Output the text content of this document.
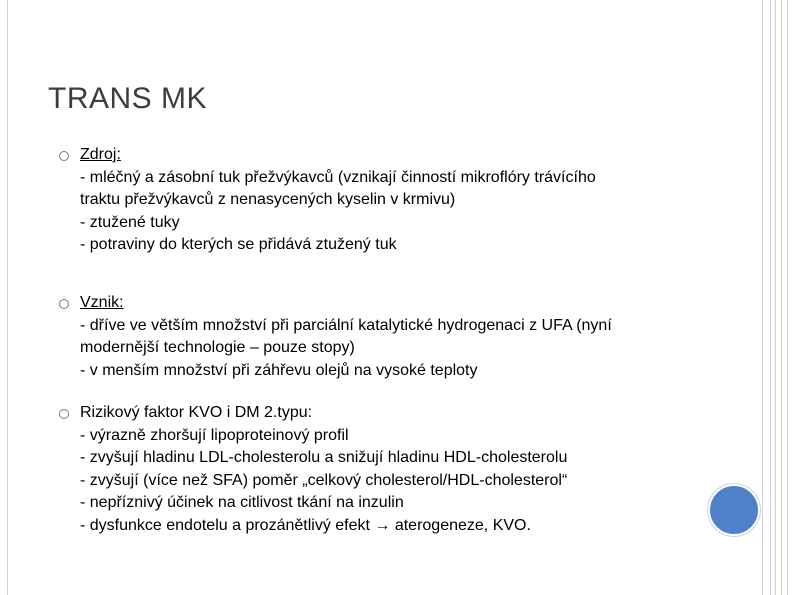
TRANS MK
Zdroj:
- mléčný a zásobní tuk přežvýkavců (vznikají činností mikroflóry trávícího
traktu přežvýkavců z nenasycených kyselin v krmivu)
- ztužené tuky
- potraviny do kterých se přidává ztužený tuk
Vznik:
- dříve ve větším množství při parciální katalytické hydrogenaci z UFA (nyní
modernější technologie – pouze stopy)
- v menším množství při záhřevu olejů na vysoké teploty
Rizikový faktor KVO i DM 2.typu:
- výrazně zhoršují lipoproteinový profil
- zvyšují hladinu LDL-cholesterolu a snižují hladinu HDL-cholesterolu
- zvyšují (více než SFA) poměr „celkový cholesterol/HDL-cholesterol“
- nepříznivý účinek na citlivost tkání na inzulin
- dysfunkce endotelu a prozánětlivý efekt → aterogeneze, KVO.
